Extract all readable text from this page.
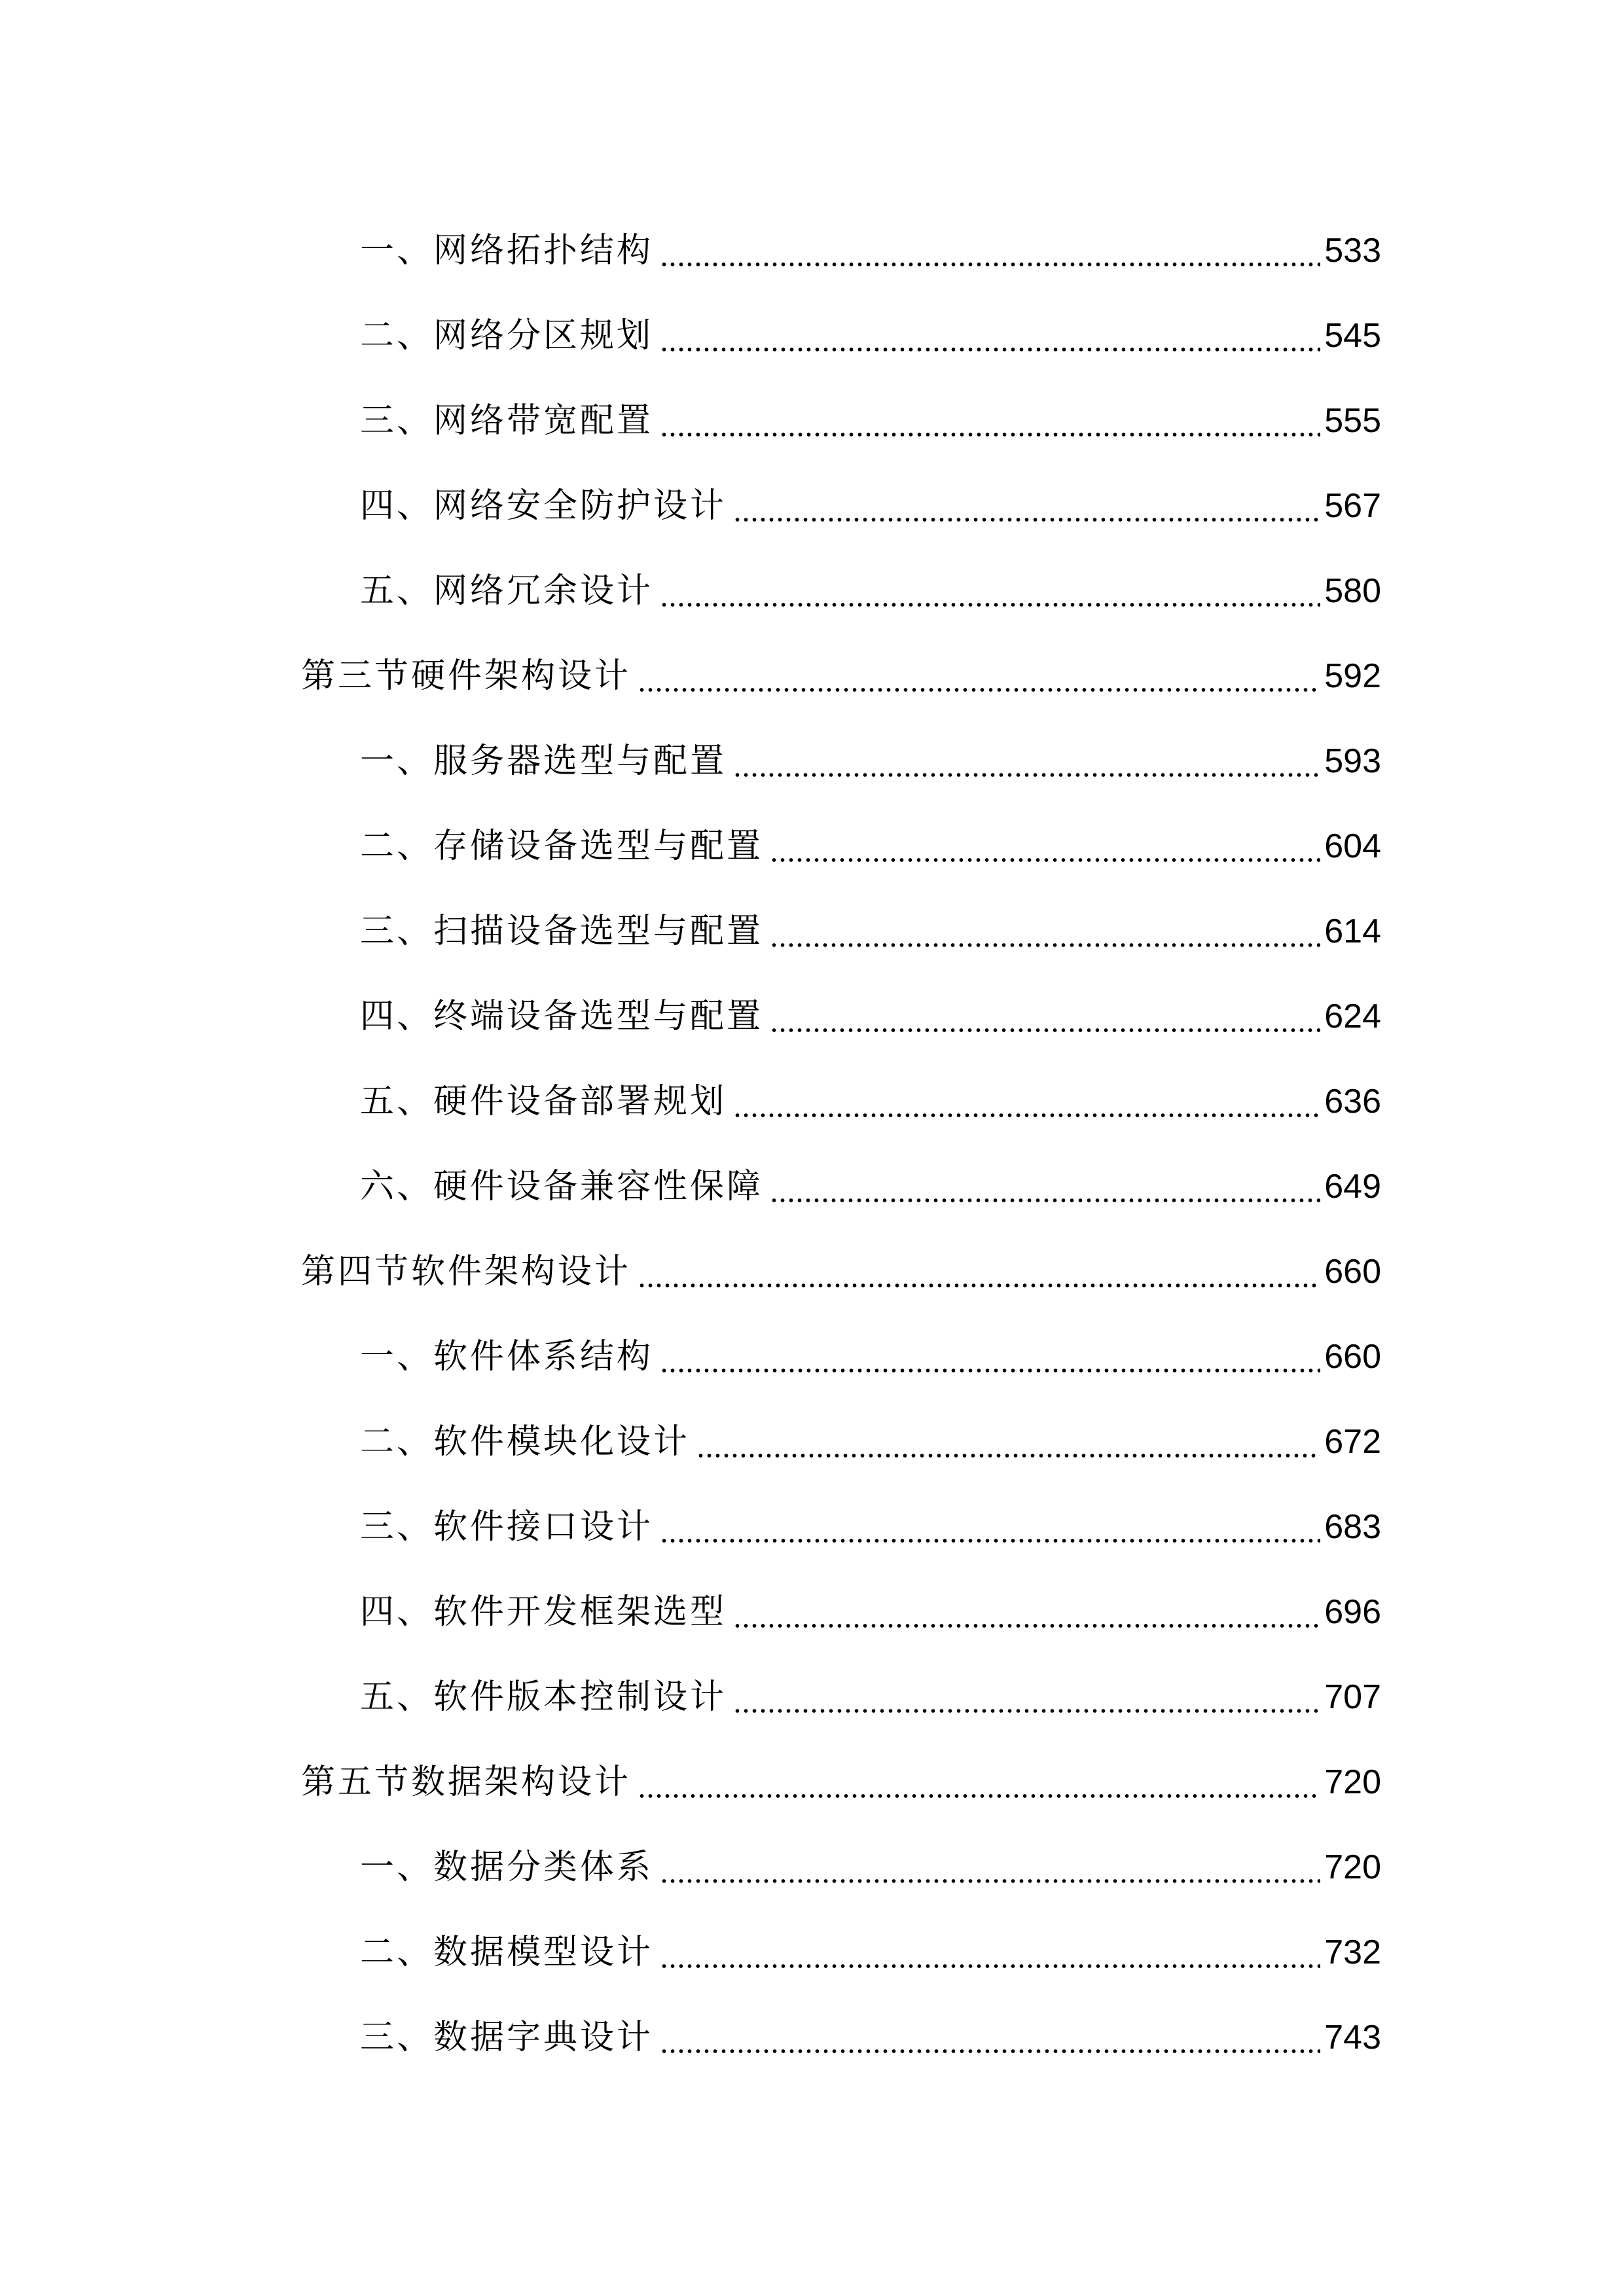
一、网络拓扑结构	533
二、网络分区规划	545
三、网络带宽配置	555
四、网络安全防护设计	567
五、网络冗余设计	580
第三节硬件架构设计	592
一、服务器选型与配置	593
二、存储设备选型与配置	604
三、扫描设备选型与配置	614
四、终端设备选型与配置	624
五、硬件设备部署规划	636
六、硬件设备兼容性保障	649
第四节软件架构设计	660
一、软件体系结构	660
二、软件模块化设计	672
三、软件接口设计	683
四、软件开发框架选型	696
五、软件版本控制设计	707
第五节数据架构设计	720
一、数据分类体系	720
二、数据模型设计	732
三、数据字典设计	743
